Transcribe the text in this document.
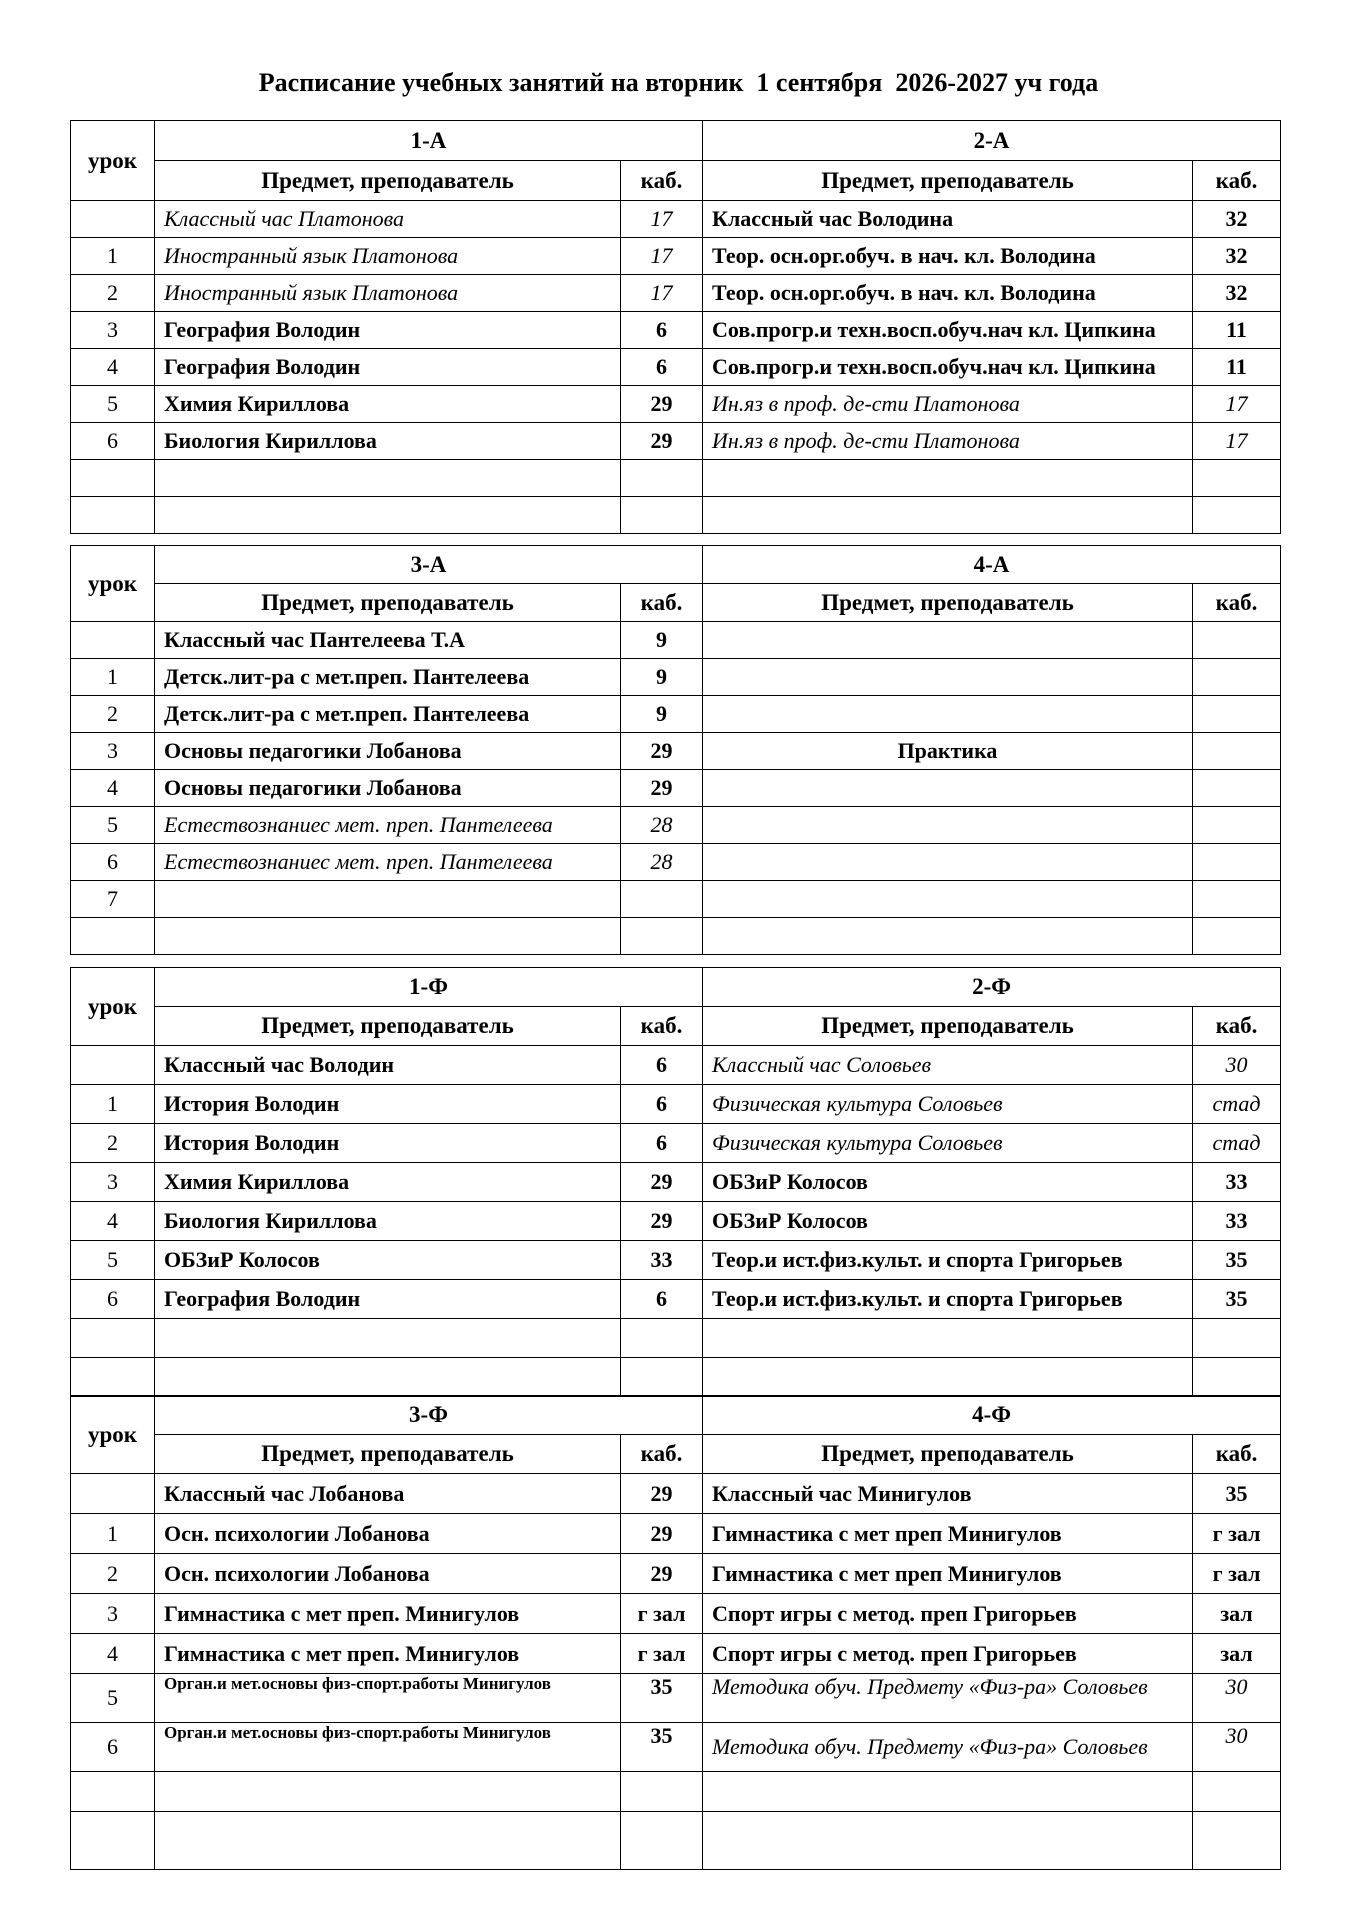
Расписание учебных занятий на вторник  1 сентября  2026-2027 уч года
урок	1-А		2-А	
	Предмет, преподаватель	каб.	Предмет, преподаватель	каб.
	Классный час Платонова	17	Классный час Володина	32
1	Иностранный язык Платонова	17	Теор. осн.орг.обуч. в нач. кл. Володина	32
2	Иностранный язык Платонова	17	Теор. осн.орг.обуч. в нач. кл. Володина	32
3	География Володин	6	Сов.прогр.и техн.восп.обуч.нач кл. Ципкина	11
4	География Володин	6	Сов.прогр.и техн.восп.обуч.нач кл. Ципкина	11
5	Химия Кириллова	29	Ин.яз в проф. де-сти Платонова	17
6	Биология Кириллова	29	Ин.яз в проф. де-сти Платонова	17

урок	3-А		4-А	
	Предмет, преподаватель	каб.	Предмет, преподаватель	каб.
	Классный час Пантелеева Т.А	9		
1	Детск.лит-ра с мет.преп. Пантелеева	9		
2	Детск.лит-ра с мет.преп. Пантелеева	9		
3	Основы педагогики Лобанова	29	Практика	
4	Основы педагогики Лобанова	29		
5	Естествознаниес мет. преп. Пантелеева	28		
6	Естествознаниес мет. преп. Пантелеева	28		
7				

урок	1-Ф		2-Ф	
	Предмет, преподаватель	каб.	Предмет, преподаватель	каб.
	Классный час Володин	6	Классный час Соловьев	30
1	История Володин	6	Физическая культура Соловьев	стад
2	История Володин	6	Физическая культура Соловьев	стад
3	Химия Кириллова	29	ОБЗиР Колосов	33
4	Биология Кириллова	29	ОБЗиР Колосов	33
5	ОБЗиР Колосов	33	Теор.и ист.физ.культ. и спорта Григорьев	35
6	География Володин	6	Теор.и ист.физ.культ. и спорта Григорьев	35

урок	3-Ф		4-Ф	
	Предмет, преподаватель	каб.	Предмет, преподаватель	каб.
	Классный час Лобанова	29	Классный час Минигулов	35
1	Осн. психологии Лобанова	29	Гимнастика с мет преп Минигулов	г зал
2	Осн. психологии Лобанова	29	Гимнастика с мет преп Минигулов	г зал
3	Гимнастика с мет преп. Минигулов	г зал	Спорт игры с метод. преп Григорьев	зал
4	Гимнастика с мет преп. Минигулов	г зал	Спорт игры с метод. преп Григорьев	зал
5	Орган.и мет.основы физ-спорт.работы Минигулов	35	Методика обуч. Предмету «Физ-ра» Соловьев	30
6	Орган.и мет.основы физ-спорт.работы Минигулов	35	Методика обуч. Предмету «Физ-ра» Соловьев	30
